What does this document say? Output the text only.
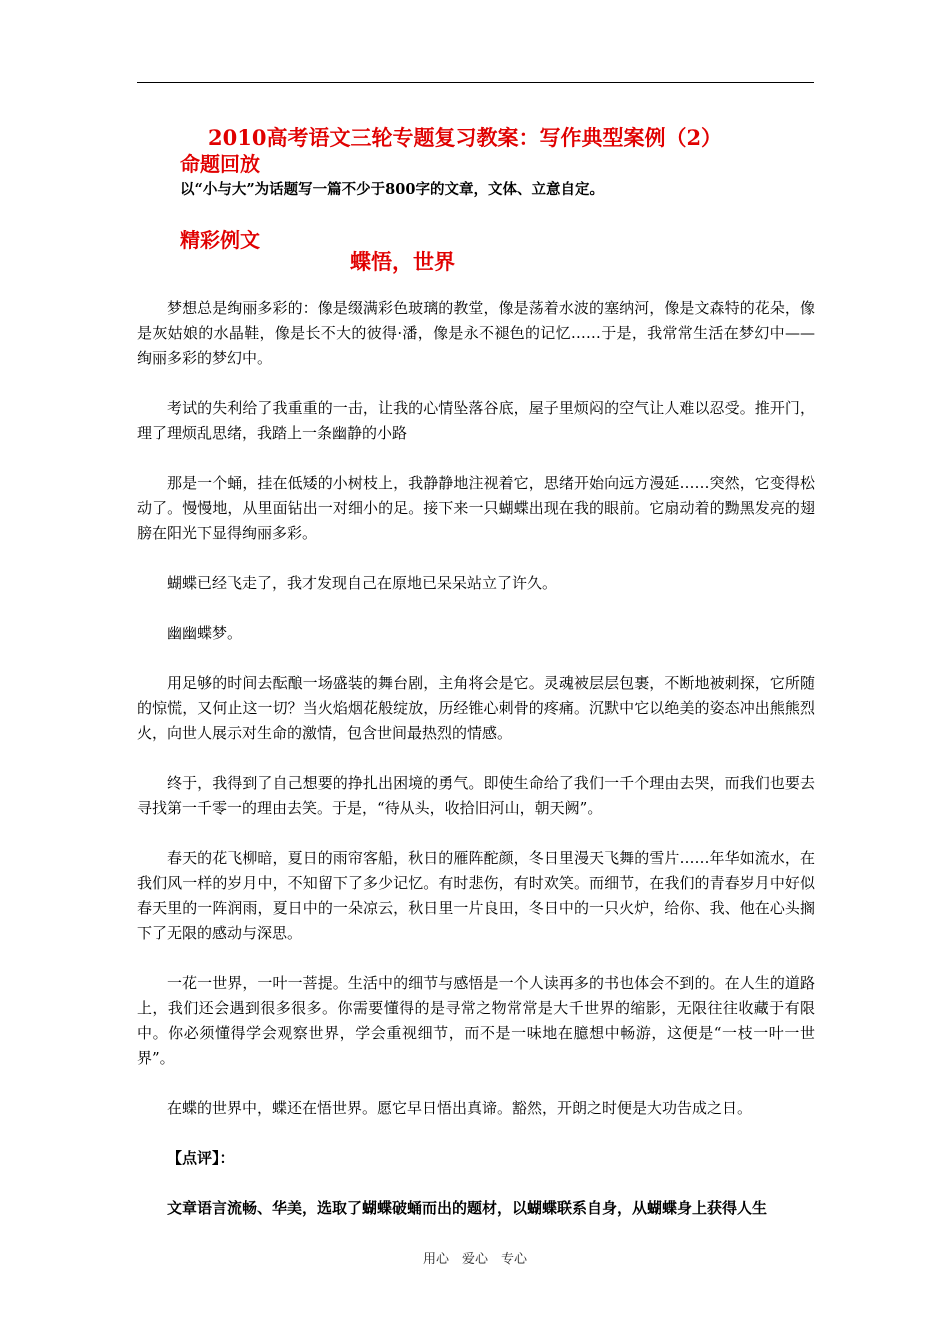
2010高考语文三轮专题复习教案：写作典型案例（2）
命题回放
以“小与大”为话题写一篇不少于800字的文章，文体、立意自定。
精彩例文
蝶悟，世界

梦想总是绚丽多彩的：像是缀满彩色玻璃的教堂，像是荡着水波的塞纳河，像是文森特的花朵，像是灰姑娘的水晶鞋，像是长不大的彼得·潘，像是永不褪色的记忆……于是，我常常生活在梦幻中——绚丽多彩的梦幻中。

考试的失利给了我重重的一击，让我的心情坠落谷底，屋子里烦闷的空气让人难以忍受。推开门，理了理烦乱思绪，我踏上一条幽静的小路

那是一个蛹，挂在低矮的小树枝上，我静静地注视着它，思绪开始向远方漫延……突然，它变得松动了。慢慢地，从里面钻出一对细小的足。接下来一只蝴蝶出现在我的眼前。它扇动着的黝黑发亮的翅膀在阳光下显得绚丽多彩。

蝴蝶已经飞走了，我才发现自己在原地已呆呆站立了许久。

幽幽蝶梦。

用足够的时间去酝酿一场盛装的舞台剧，主角将会是它。灵魂被层层包裹，不断地被刺探，它所随的惊慌，又何止这一切？当火焰烟花般绽放，历经锥心刺骨的疼痛。沉默中它以绝美的姿态冲出熊熊烈火，向世人展示对生命的激情，包含世间最热烈的情感。

终于，我得到了自己想要的挣扎出困境的勇气。即使生命给了我们一千个理由去哭，而我们也要去寻找第一千零一的理由去笑。于是，“待从头，收拾旧河山，朝天阙”。

春天的花飞柳暗，夏日的雨帘客船，秋日的雁阵酡颜，冬日里漫天飞舞的雪片……年华如流水，在我们风一样的岁月中，不知留下了多少记忆。有时悲伤，有时欢笑。而细节，在我们的青春岁月中好似春天里的一阵润雨，夏日中的一朵凉云，秋日里一片良田，冬日中的一只火炉，给你、我、他在心头搁下了无限的感动与深思。

一花一世界，一叶一菩提。生活中的细节与感悟是一个人读再多的书也体会不到的。在人生的道路上，我们还会遇到很多很多。你需要懂得的是寻常之物常常是大千世界的缩影，无限往往收藏于有限中。你必须懂得学会观察世界，学会重视细节，而不是一味地在臆想中畅游，这便是“一枝一叶一世界”。

在蝶的世界中，蝶还在悟世界。愿它早日悟出真谛。豁然，开朗之时便是大功告成之日。

【点评】：

文章语言流畅、华美，选取了蝴蝶破蛹而出的题材，以蝴蝶联系自身，从蝴蝶身上获得人生

用心　爱心　专心
